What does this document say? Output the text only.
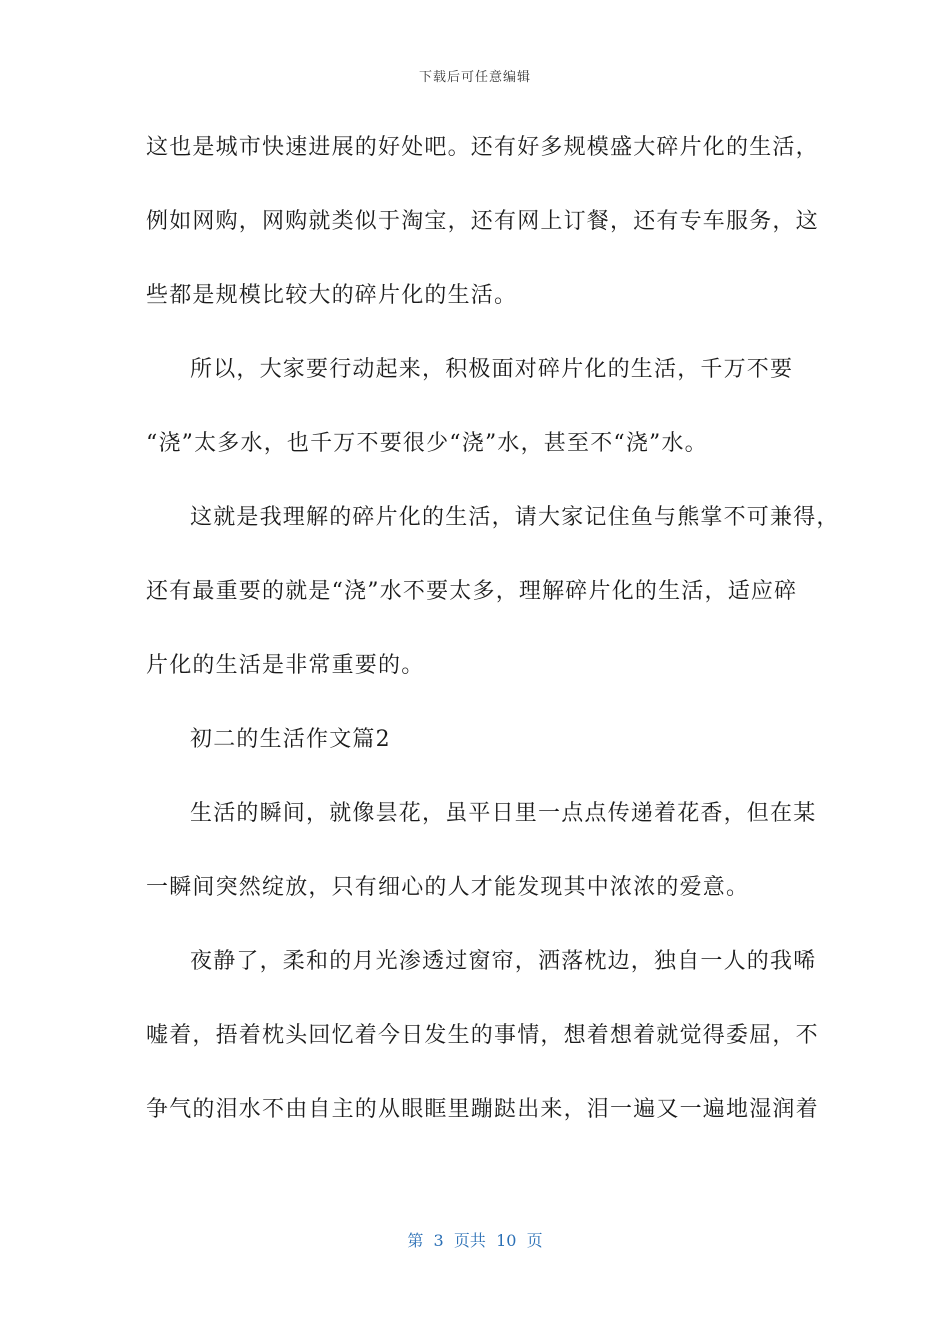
下载后可任意编辑
这也是城市快速进展的好处吧。还有好多规模盛大碎片化的生活，
例如网购，网购就类似于淘宝，还有网上订餐，还有专车服务，这
些都是规模比较大的碎片化的生活。
所以，大家要行动起来，积极面对碎片化的生活，千万不要
“浇”太多水，也千万不要很少“浇”水，甚至不“浇”水。
这就是我理解的碎片化的生活，请大家记住鱼与熊掌不可兼得，
还有最重要的就是“浇”水不要太多，理解碎片化的生活，适应碎
片化的生活是非常重要的。
初二的生活作文篇2
生活的瞬间，就像昙花，虽平日里一点点传递着花香，但在某
一瞬间突然绽放，只有细心的人才能发现其中浓浓的爱意。
夜静了，柔和的月光渗透过窗帘，洒落枕边，独自一人的我唏
嘘着，捂着枕头回忆着今日发生的事情，想着想着就觉得委屈，不
争气的泪水不由自主的从眼眶里蹦跶出来，泪一遍又一遍地湿润着
第  3  页共  10  页
